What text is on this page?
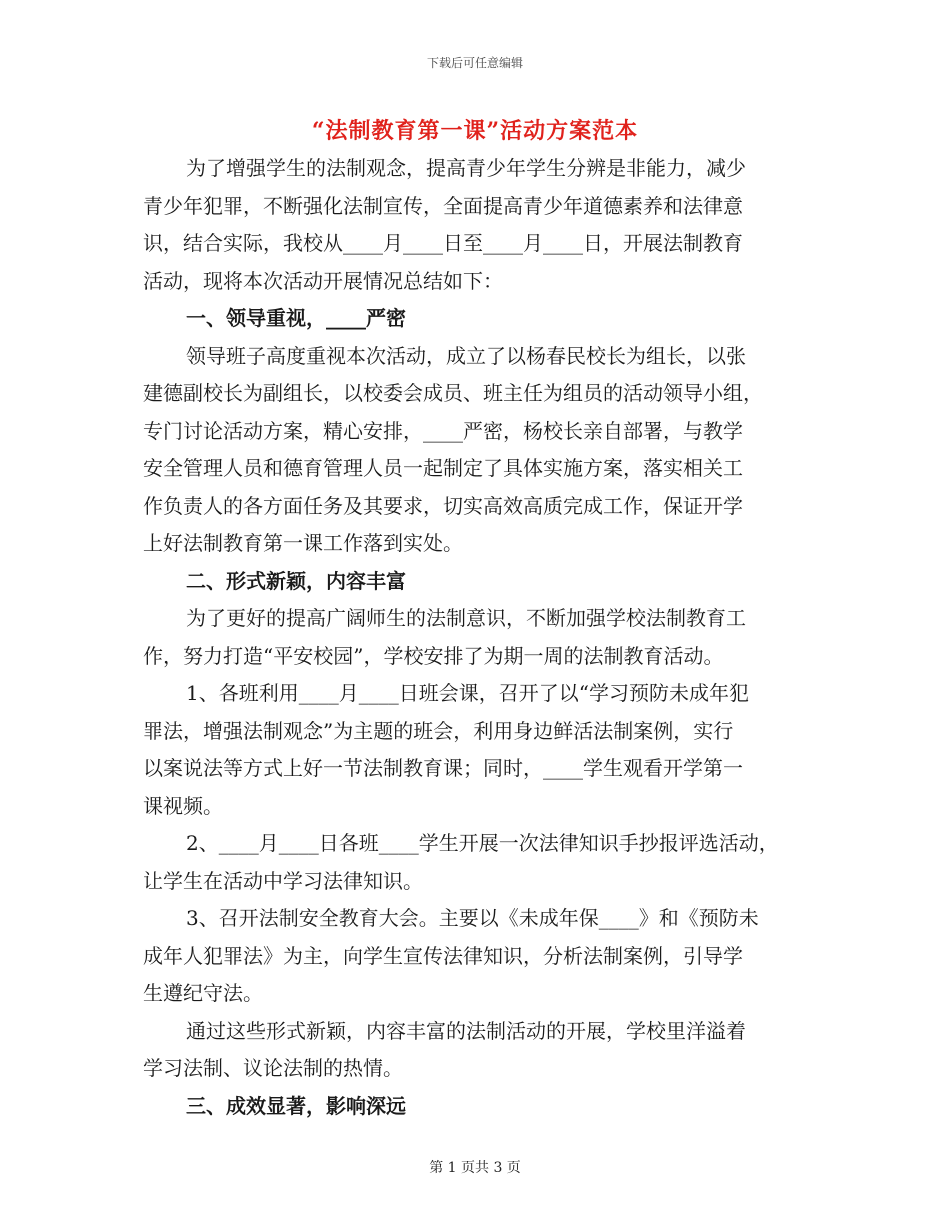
下载后可任意编辑
“法制教育第一课”活动方案范本
为了增强学生的法制观念，提高青少年学生分辨是非能力，减少
青少年犯罪，不断强化法制宣传，全面提高青少年道德素养和法律意
识，结合实际，我校从____月____日至____月____日，开展法制教育
活动，现将本次活动开展情况总结如下：
一、领导重视，____严密
领导班子高度重视本次活动，成立了以杨春民校长为组长，以张
建德副校长为副组长，以校委会成员、班主任为组员的活动领导小组，
专门讨论活动方案，精心安排，____严密，杨校长亲自部署，与教学
安全管理人员和德育管理人员一起制定了具体实施方案，落实相关工
作负责人的各方面任务及其要求，切实高效高质完成工作，保证开学
上好法制教育第一课工作落到实处。
二、形式新颖，内容丰富
为了更好的提高广阔师生的法制意识，不断加强学校法制教育工
作，努力打造“平安校园”，学校安排了为期一周的法制教育活动。
1、各班利用____月____日班会课，召开了以“学习预防未成年犯
罪法，增强法制观念”为主题的班会，利用身边鲜活法制案例，实行
以案说法等方式上好一节法制教育课；同时，____学生观看开学第一
课视频。
2、____月____日各班____学生开展一次法律知识手抄报评选活动，
让学生在活动中学习法律知识。
3、召开法制安全教育大会。主要以《未成年保____》和《预防未
成年人犯罪法》为主，向学生宣传法律知识，分析法制案例，引导学
生遵纪守法。
通过这些形式新颖，内容丰富的法制活动的开展，学校里洋溢着
学习法制、议论法制的热情。
三、成效显著，影响深远
第 1 页共 3 页
